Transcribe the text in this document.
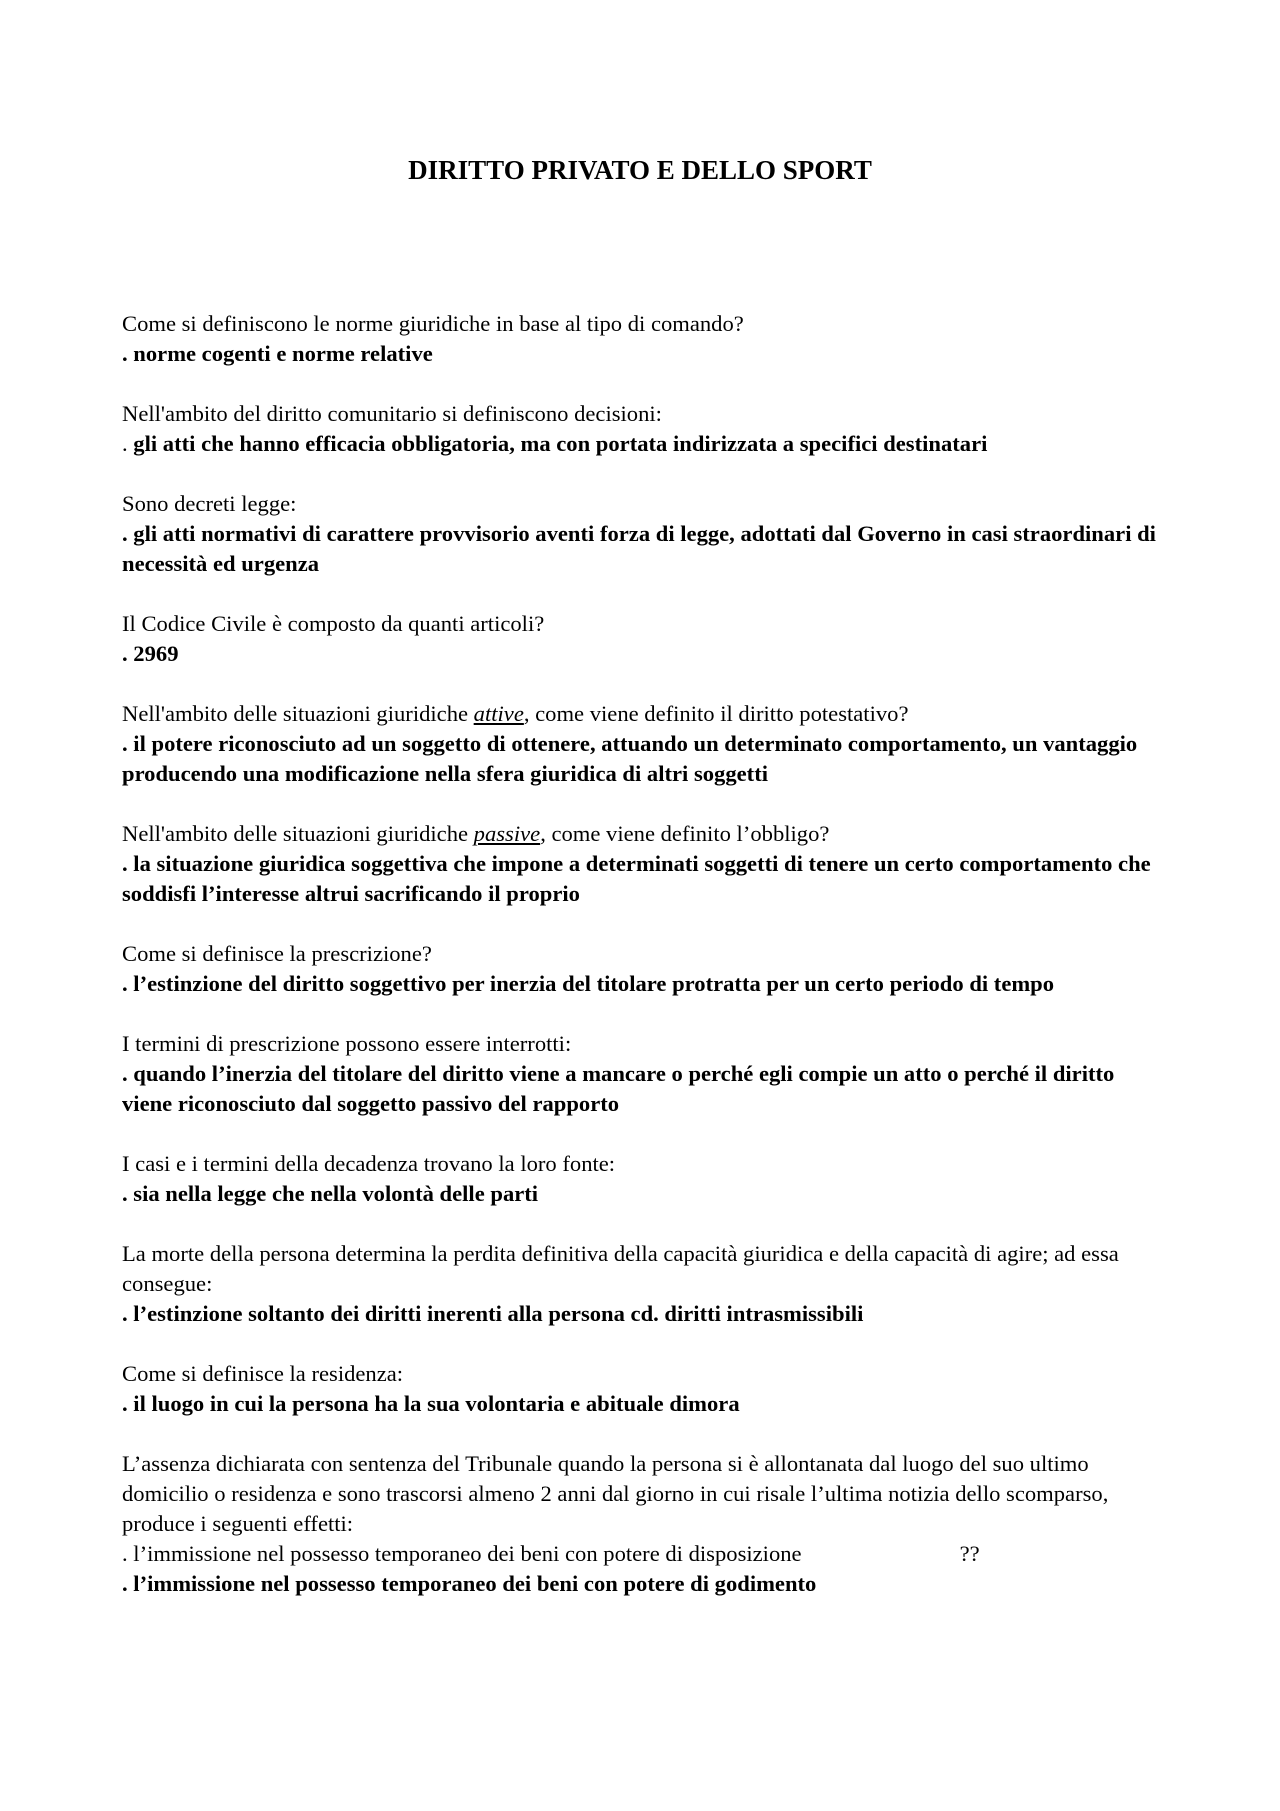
DIRITTO PRIVATO E DELLO SPORT
Come si definiscono le norme giuridiche in base al tipo di comando?
. norme cogenti e norme relative
Nell'ambito del diritto comunitario si definiscono decisioni:
. gli atti che hanno efficacia obbligatoria, ma con portata indirizzata a specifici destinatari
Sono decreti legge:
. gli atti normativi di carattere provvisorio aventi forza di legge, adottati dal Governo in casi straordinari di necessità ed urgenza
Il Codice Civile è composto da quanti articoli?
. 2969
Nell'ambito delle situazioni giuridiche attive, come viene definito il diritto potestativo?
. il potere riconosciuto ad un soggetto di ottenere, attuando un determinato comportamento, un vantaggio producendo una modificazione nella sfera giuridica di altri soggetti
Nell'ambito delle situazioni giuridiche passive, come viene definito l’obbligo?
. la situazione giuridica soggettiva che impone a determinati soggetti di tenere un certo comportamento che soddisfi l’interesse altrui sacrificando il proprio
Come si definisce la prescrizione?
. l’estinzione del diritto soggettivo per inerzia del titolare protratta per un certo periodo di tempo
I termini di prescrizione possono essere interrotti:
. quando l’inerzia del titolare del diritto viene a mancare o perché egli compie un atto o perché il diritto viene riconosciuto dal soggetto passivo del rapporto
I casi e i termini della decadenza trovano la loro fonte:
. sia nella legge che nella volontà delle parti
La morte della persona determina la perdita definitiva della capacità giuridica e della capacità di agire; ad essa consegue:
. l’estinzione soltanto dei diritti inerenti alla persona cd. diritti intrasmissibili
Come si definisce la residenza:
. il luogo in cui la persona ha la sua volontaria e abituale dimora
L’assenza dichiarata con sentenza del Tribunale quando la persona si è allontanata dal luogo del suo ultimo domicilio o residenza e sono trascorsi almeno 2 anni dal giorno in cui risale l’ultima notizia dello scomparso, produce i seguenti effetti:
. l’immissione nel possesso temporaneo dei beni con potere di disposizione	??
. l’immissione nel possesso temporaneo dei beni con potere di godimento
